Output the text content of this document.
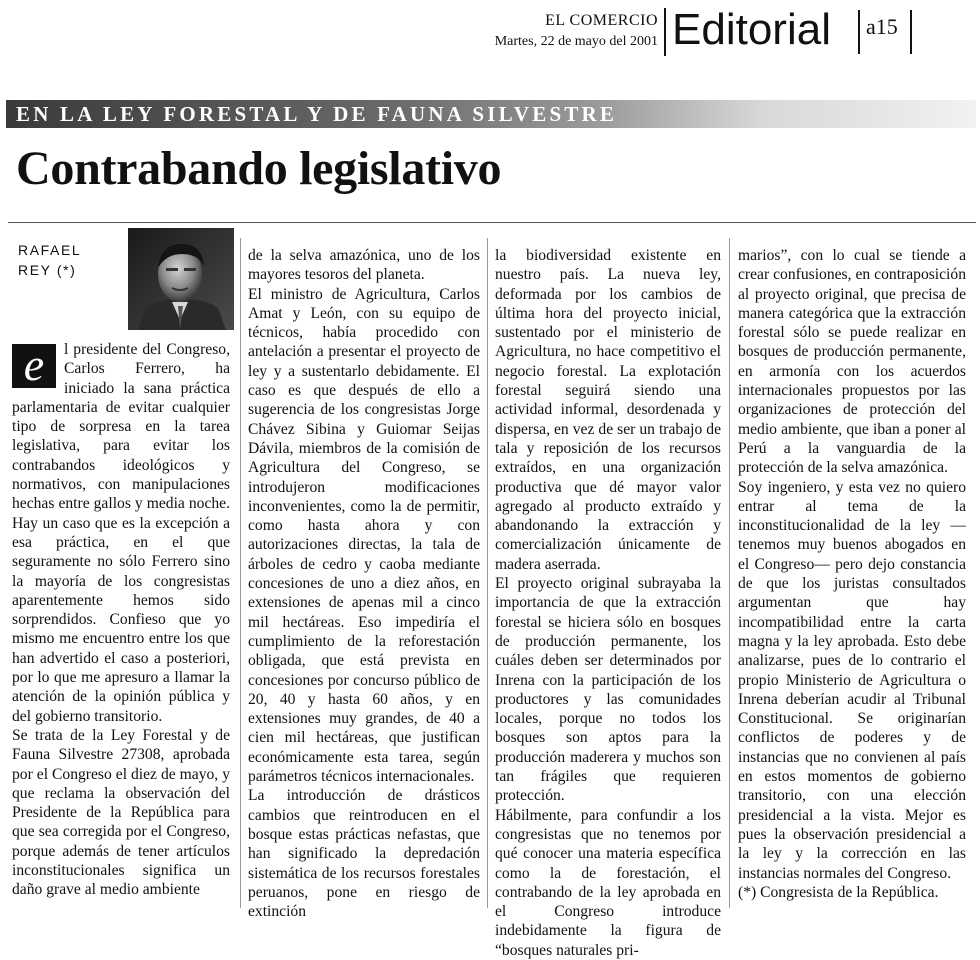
EL COMERCIO
Martes, 22 de mayo del 2001 Editorial a15
EN LA LEY FORESTAL Y DE FAUNA SILVESTRE
Contrabando legislativo
RAFAEL
REY (*)

e	l presidente del Congreso, Carlos Ferrero, ha iniciado la sana práctica parlamentaria de evitar cualquier tipo de sorpresa en la tarea legislativa, para evitar los contrabandos ideológicos y normativos, con manipulaciones hechas entre gallos y media noche. Hay un caso que es la excepción a esa práctica, en el que seguramente no sólo Ferrero sino la mayoría de los congresistas aparentemente hemos sido sorprendidos. Confieso que yo mismo me encuentro entre los que han advertido el caso a posteriori, por lo que me apresuro a llamar la atención de la opinión pública y del gobierno transitorio.

Se trata de la Ley Forestal y de Fauna Silvestre 27308, aprobada por el Congreso el diez de mayo, y que reclama la observación del Presidente de la República para que sea corregida por el Congreso, porque además de tener artículos inconstitucionales significa un daño grave al medio ambiente

de la selva amazónica, uno de los mayores tesoros del planeta.

El ministro de Agricultura, Carlos Amat y León, con su equipo de técnicos, había procedido con antelación a presentar el proyecto de ley y a sustentarlo debidamente. El caso es que después de ello a sugerencia de los congresistas Jorge Chávez Sibina y Guiomar Seijas Dávila, miembros de la comisión de Agricultura del Congreso, se introdujeron modificaciones inconvenientes, como la de permitir, como hasta ahora y con autorizaciones directas, la tala de árboles de cedro y caoba mediante concesiones de uno a diez años, en extensiones de apenas mil a cinco mil hectáreas. Eso impediría el cumplimiento de la reforestación obligada, que está prevista en concesiones por concurso público de 20, 40 y hasta 60 años, y en extensiones muy grandes, de 40 a cien mil hectáreas, que justifican económicamente esta tarea, según parámetros técnicos internacionales.

La introducción de drásticos cambios que reintroducen en el bosque estas prácticas nefastas, que han significado la depredación sistemática de los recursos forestales peruanos, pone en riesgo de extinción

la biodiversidad existente en nuestro país. La nueva ley, deformada por los cambios de última hora del proyecto inicial, sustentado por el ministerio de Agricultura, no hace competitivo el negocio forestal. La explotación forestal seguirá siendo una actividad informal, desordenada y dispersa, en vez de ser un trabajo de tala y reposición de los recursos extraídos, en una organización productiva que dé mayor valor agregado al producto extraído y abandonando la extracción y comercialización únicamente de madera aserrada.

El proyecto original subrayaba la importancia de que la extracción forestal se hiciera sólo en bosques de producción permanente, los cuáles deben ser determinados por Inrena con la participación de los productores y las comunidades locales, porque no todos los bosques son aptos para la producción maderera y muchos son tan frágiles que requieren protección.

Hábilmente, para confundir a los congresistas que no tenemos por qué conocer una materia específica como la de forestación, el contrabando de la ley aprobada en el Congreso introduce indebidamente la figura de “bosques naturales pri-

marios”, con lo cual se tiende a crear confusiones, en contraposición al proyecto original, que precisa de manera categórica que la extracción forestal sólo se puede realizar en bosques de producción permanente, en armonía con los acuerdos internacionales propuestos por las organizaciones de protección del medio ambiente, que iban a poner al Perú a la vanguardia de la protección de la selva amazónica.

Soy ingeniero, y esta vez no quiero entrar al tema de la inconstitucionalidad de la ley —tenemos muy buenos abogados en el Congreso— pero dejo constancia de que los juristas consultados argumentan que hay incompatibilidad entre la carta magna y la ley aprobada. Esto debe analizarse, pues de lo contrario el propio Ministerio de Agricultura o Inrena deberían acudir al Tribunal Constitucional. Se originarían conflictos de poderes y de instancias que no convienen al país en estos momentos de gobierno transitorio, con una elección presidencial a la vista. Mejor es pues la observación presidencial a la ley y la corrección en las instancias normales del Congreso.

(*) Congresista de la República.
